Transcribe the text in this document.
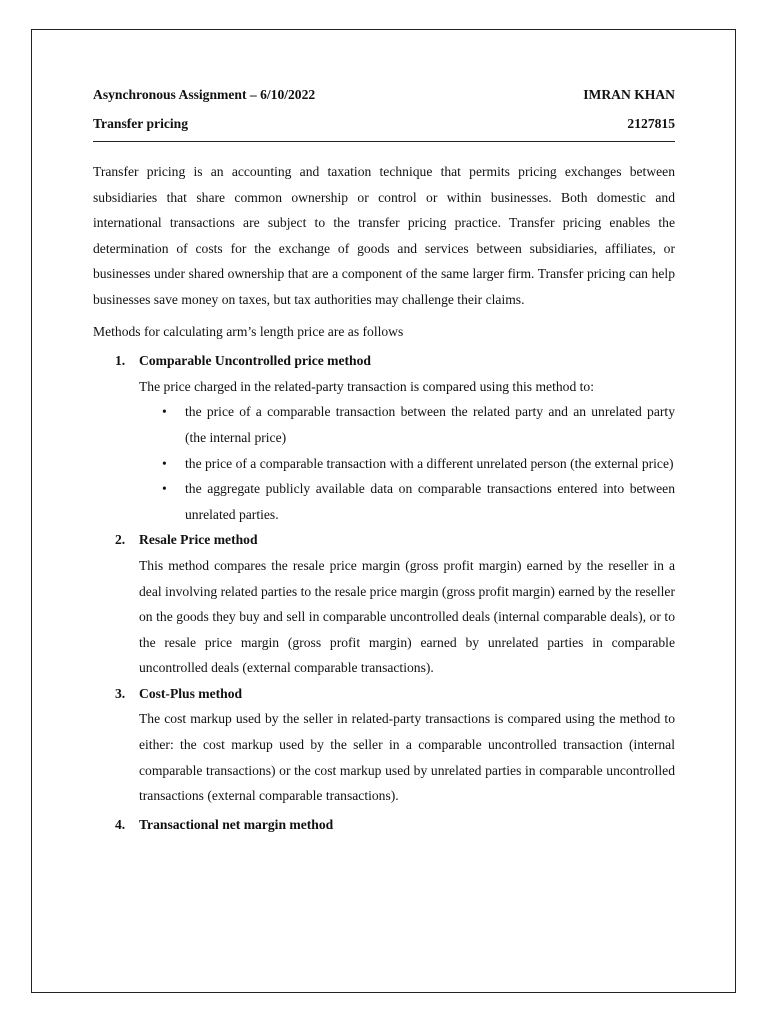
Asynchronous Assignment – 6/10/2022	IMRAN KHAN
Transfer pricing	2127815

Transfer pricing is an accounting and taxation technique that permits pricing exchanges between subsidiaries that share common ownership or control or within businesses. Both domestic and international transactions are subject to the transfer pricing practice. Transfer pricing enables the determination of costs for the exchange of goods and services between subsidiaries, affiliates, or businesses under shared ownership that are a component of the same larger firm. Transfer pricing can help businesses save money on taxes, but tax authorities may challenge their claims.

Methods for calculating arm’s length price are as follows

1. Comparable Uncontrolled price method

The price charged in the related-party transaction is compared using this method to:

• the price of a comparable transaction between the related party and an unrelated party (the internal price)

• the price of a comparable transaction with a different unrelated person (the external price)

• the aggregate publicly available data on comparable transactions entered into between unrelated parties.

2. Resale Price method

This method compares the resale price margin (gross profit margin) earned by the reseller in a deal involving related parties to the resale price margin (gross profit margin) earned by the reseller on the goods they buy and sell in comparable uncontrolled deals (internal comparable deals), or to the resale price margin (gross profit margin) earned by unrelated parties in comparable uncontrolled deals (external comparable transactions).

3. Cost-Plus method

The cost markup used by the seller in related-party transactions is compared using the method to either: the cost markup used by the seller in a comparable uncontrolled transaction (internal comparable transactions) or the cost markup used by unrelated parties in comparable uncontrolled transactions (external comparable transactions).

4. Transactional net margin method
